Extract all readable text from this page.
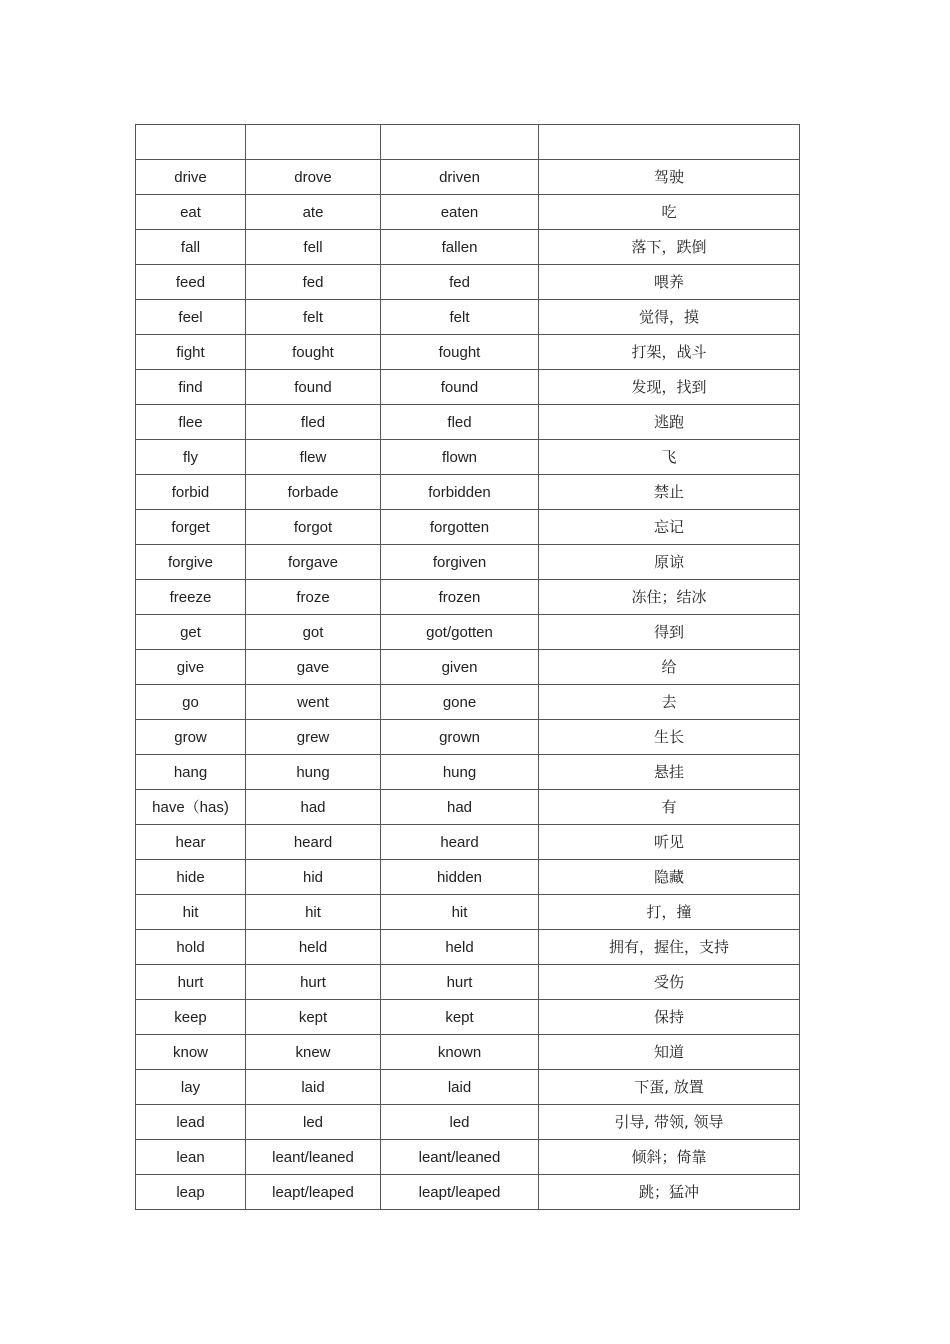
drive	drove	driven	驾驶
eat	ate	eaten	吃
fall	fell	fallen	落下，跌倒
feed	fed	fed	喂养
feel	felt	felt	觉得，摸
fight	fought	fought	打架，战斗
find	found	found	发现，找到
flee	fled	fled	逃跑
fly	flew	flown	飞
forbid	forbade	forbidden	禁止
forget	forgot	forgotten	忘记
forgive	forgave	forgiven	原谅
freeze	froze	frozen	冻住；结冰
get	got	got/gotten	得到
give	gave	given	给
go	went	gone	去
grow	grew	grown	生长
hang	hung	hung	悬挂
have（has)	had	had	有
hear	heard	heard	听见
hide	hid	hidden	隐藏
hit	hit	hit	打，撞
hold	held	held	拥有，握住，支持
hurt	hurt	hurt	受伤
keep	kept	kept	保持
know	knew	known	知道
lay	laid	laid	下蛋, 放置
lead	led	led	引导, 带领, 领导
lean	leant/leaned	leant/leaned	倾斜；倚靠
leap	leapt/leaped	leapt/leaped	跳；猛冲
